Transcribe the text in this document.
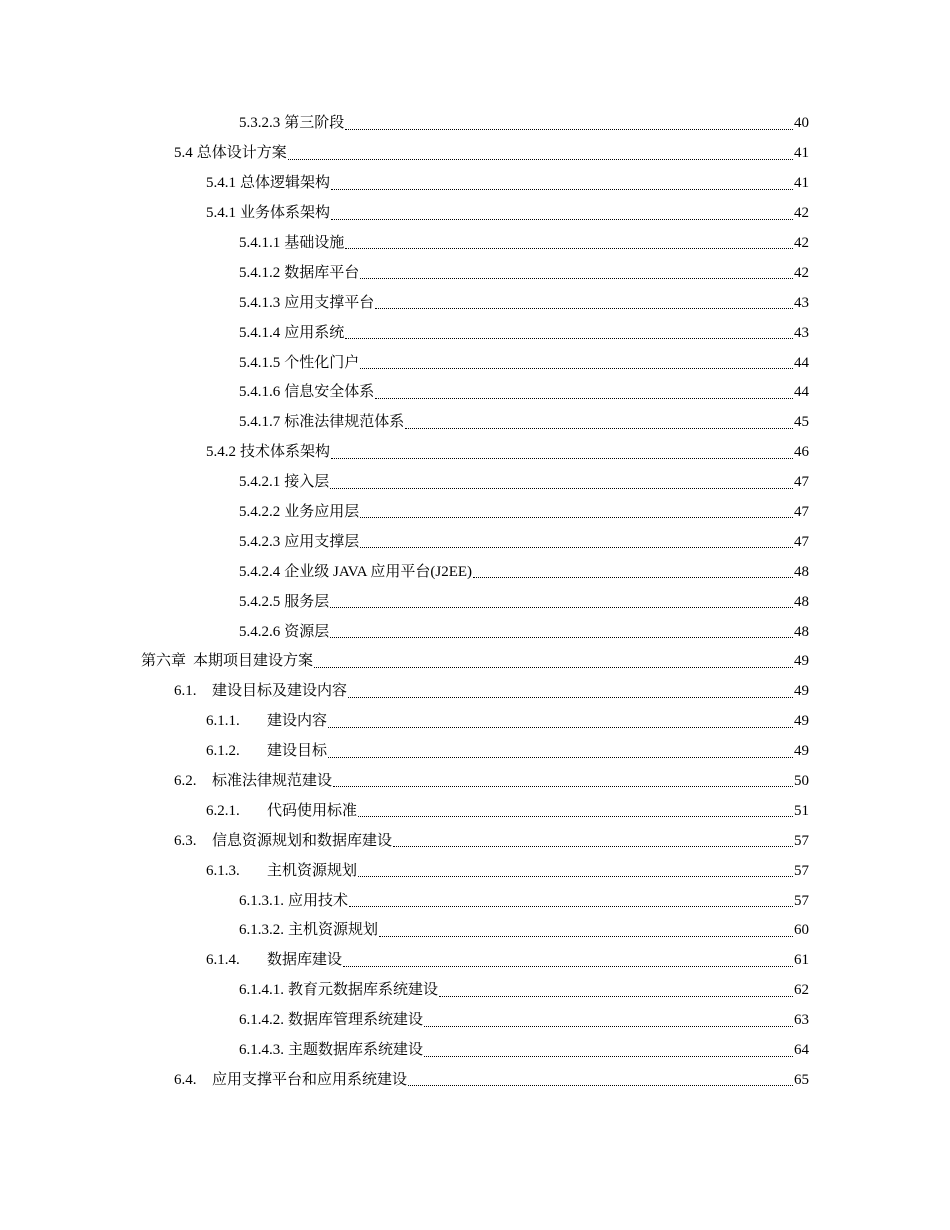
5.3.2.3 第三阶段	40
5.4 总体设计方案	41
5.4.1 总体逻辑架构	41
5.4.1 业务体系架构	42
5.4.1.1 基础设施	42
5.4.1.2 数据库平台	42
5.4.1.3 应用支撑平台	43
5.4.1.4 应用系统	43
5.4.1.5 个性化门户	44
5.4.1.6 信息安全体系	44
5.4.1.7 标准法律规范体系	45
5.4.2 技术体系架构	46
5.4.2.1 接入层	47
5.4.2.2 业务应用层	47
5.4.2.3 应用支撑层	47
5.4.2.4 企业级 JAVA 应用平台(J2EE)	48
5.4.2.5 服务层	48
5.4.2.6 资源层	48
第六章 本期项目建设方案	49
6.1.	建设目标及建设内容	49
6.1.1.	建设内容	49
6.1.2.	建设目标	49
6.2.	标准法律规范建设	50
6.2.1.	代码使用标准	51
6.3.	信息资源规划和数据库建设	57
6.1.3.	主机资源规划	57
6.1.3.1. 应用技术	57
6.1.3.2. 主机资源规划	60
6.1.4.	数据库建设	61
6.1.4.1. 教育元数据库系统建设	62
6.1.4.2. 数据库管理系统建设	63
6.1.4.3. 主题数据库系统建设	64
6.4.	应用支撑平台和应用系统建设	65
